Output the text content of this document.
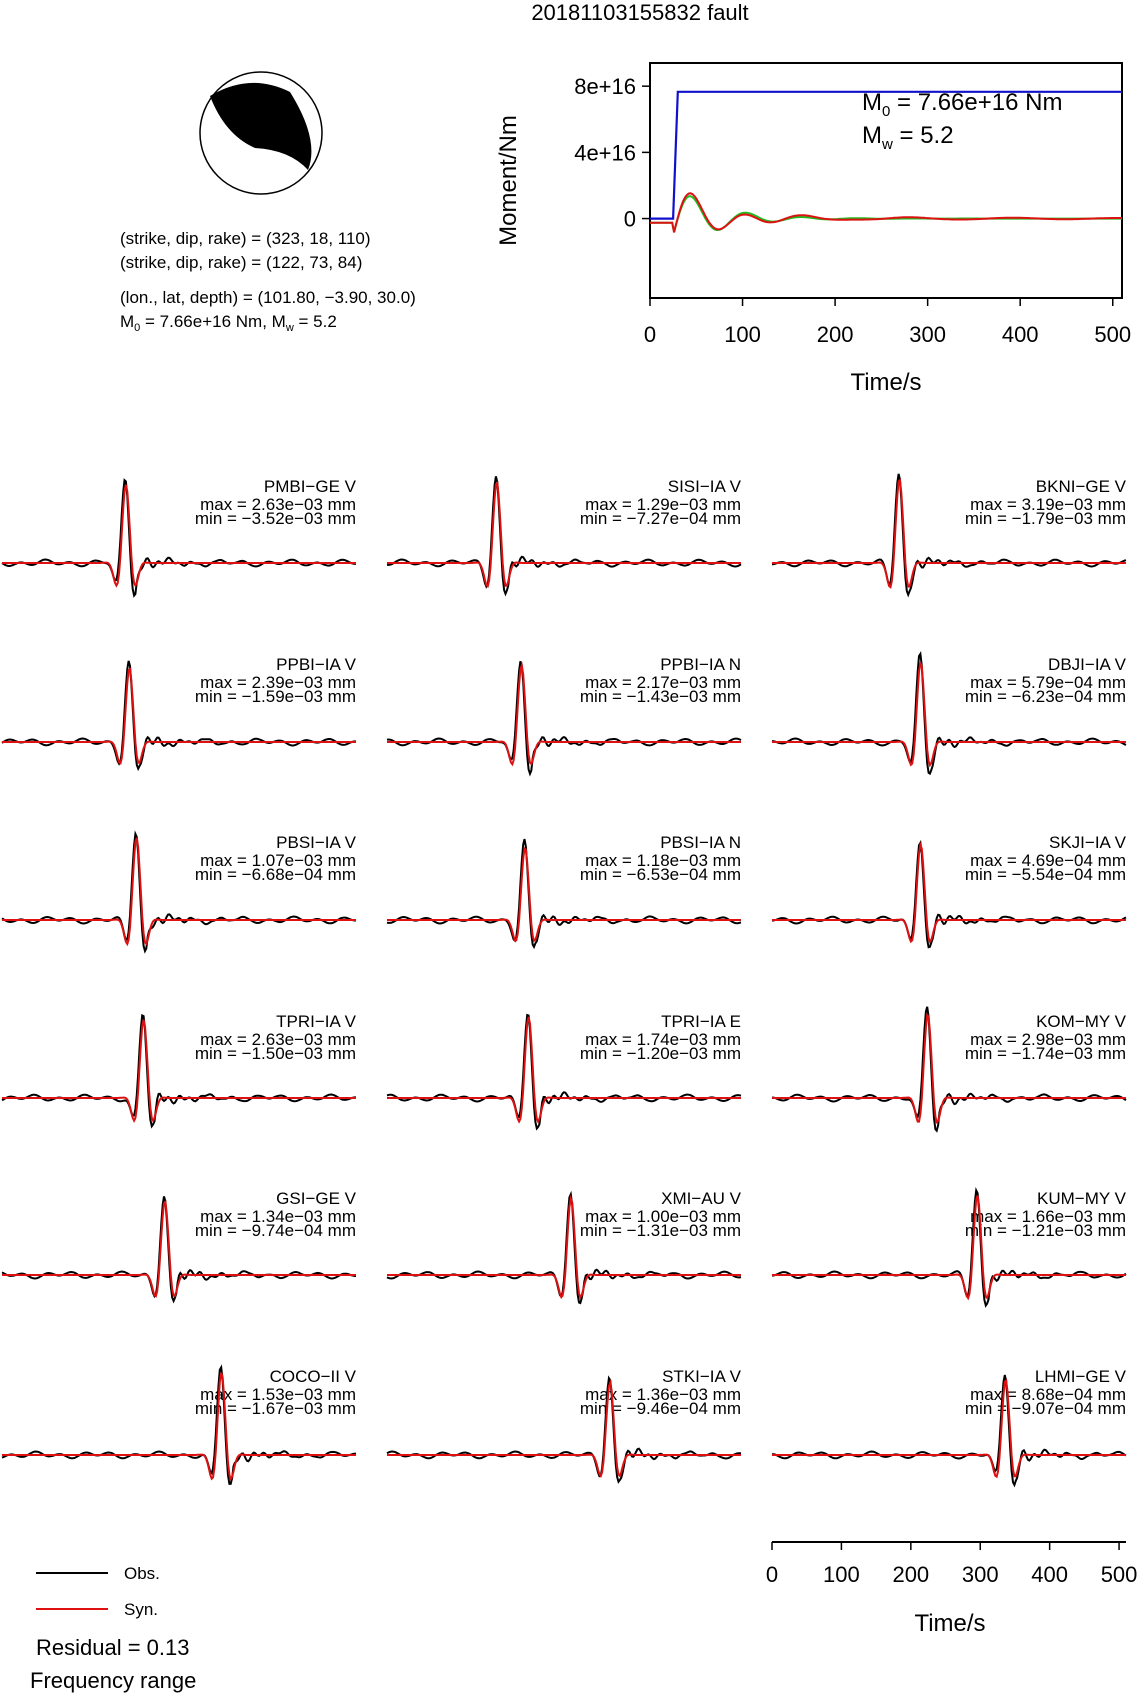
20181103155832 fault
(strike, dip, rake) = (323, 18, 110)
(strike, dip, rake) = (122, 73, 84)
(lon., lat, depth) = (101.80, −3.90, 30.0)
$M_0 = 7.66e+16$ Nm, $M_w = 5.2$
0	100	200	300	400	500
8e+16
4e+16
0
Time/s
Moment/Nm
$M_0 = 7.66e+16$ Nm
$M_w = 5.2$
PMBI−GE V
max = 2.63e−03 mm
min = −3.52e−03 mm
SISI−IA V
max = 1.29e−03 mm
min = −7.27e−04 mm
BKNI−GE V
max = 3.19e−03 mm
min = −1.79e−03 mm
PPBI−IA V
max = 2.39e−03 mm
min = −1.59e−03 mm
PPBI−IA N
max = 2.17e−03 mm
min = −1.43e−03 mm
DBJI−IA V
max = 5.79e−04 mm
min = −6.23e−04 mm
PBSI−IA V
max = 1.07e−03 mm
min = −6.68e−04 mm
PBSI−IA N
max = 1.18e−03 mm
min = −6.53e−04 mm
SKJI−IA V
max = 4.69e−04 mm
min = −5.54e−04 mm
TPRI−IA V
max = 2.63e−03 mm
min = −1.50e−03 mm
TPRI−IA E
max = 1.74e−03 mm
min = −1.20e−03 mm
KOM−MY V
max = 2.98e−03 mm
min = −1.74e−03 mm
GSI−GE V
max = 1.34e−03 mm
min = −9.74e−04 mm
XMI−AU V
max = 1.00e−03 mm
min = −1.31e−03 mm
KUM−MY V
max = 1.66e−03 mm
min = −1.21e−03 mm
COCO−II V
max = 1.53e−03 mm
min = −1.67e−03 mm
STKI−IA V
max = 1.36e−03 mm
min = −9.46e−04 mm
LHMI−GE V
max = 8.68e−04 mm
min = −9.07e−04 mm
0 100 200 300 400 500
Time/s
Obs.
Syn.
Residual = 0.13
Frequency range
